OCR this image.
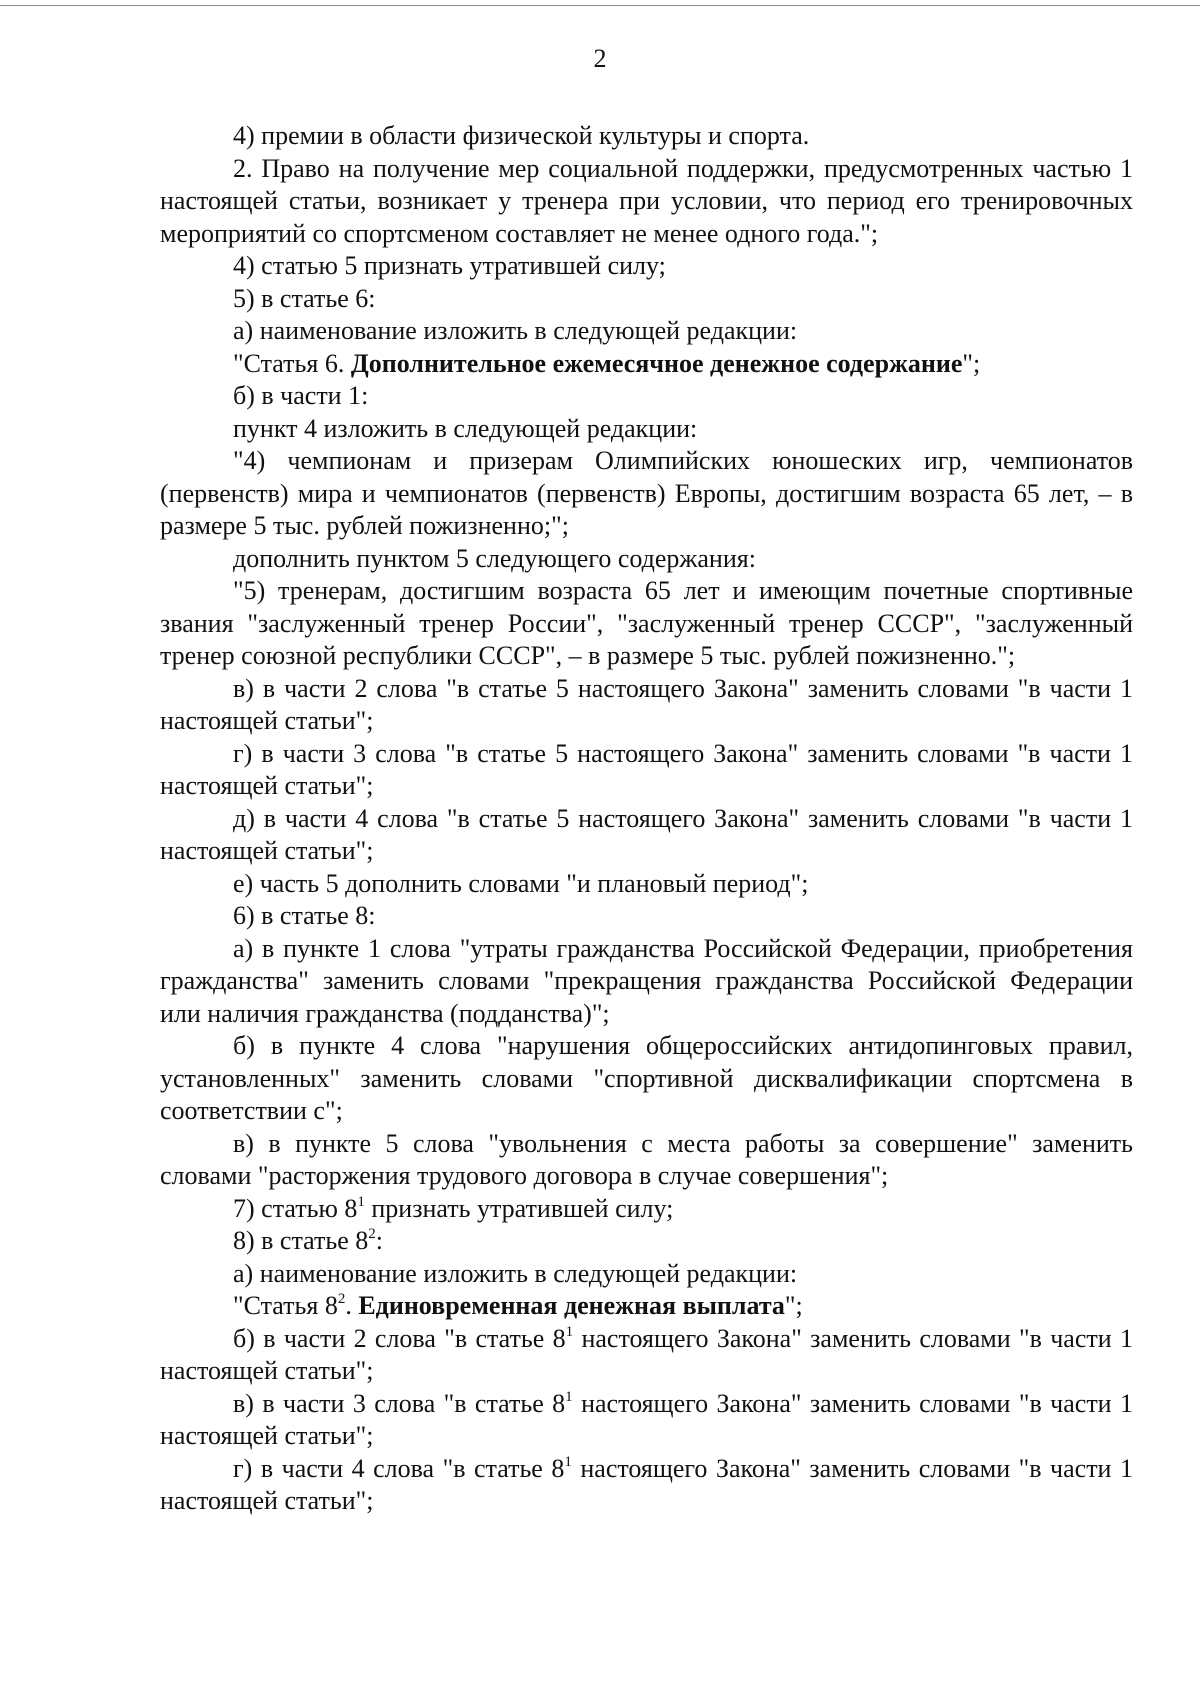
2

4) премии в области физической культуры и спорта.

2. Право на получение мер социальной поддержки, предусмотренных частью 1 настоящей статьи, возникает у тренера при условии, что период его тренировочных мероприятий со спортсменом составляет не менее одного года.";

4) статью 5 признать утратившей силу;

5) в статье 6:

а) наименование изложить в следующей редакции:

"Статья 6. Дополнительное ежемесячное денежное содержание";

б) в части 1:

пункт 4 изложить в следующей редакции:

"4) чемпионам и призерам Олимпийских юношеских игр, чемпионатов (первенств) мира и чемпионатов (первенств) Европы, достигшим возраста 65 лет, – в размере 5 тыс. рублей пожизненно;";

дополнить пунктом 5 следующего содержания:

"5) тренерам, достигшим возраста 65 лет и имеющим почетные спортивные звания "заслуженный тренер России", "заслуженный тренер СССР", "заслуженный тренер союзной республики СССР", – в размере 5 тыс. рублей пожизненно.";

в) в части 2 слова "в статье 5 настоящего Закона" заменить словами "в части 1 настоящей статьи";

г) в части 3 слова "в статье 5 настоящего Закона" заменить словами "в части 1 настоящей статьи";

д) в части 4 слова "в статье 5 настоящего Закона" заменить словами "в части 1 настоящей статьи";

е) часть 5 дополнить словами "и плановый период";

6) в статье 8:

а) в пункте 1 слова "утраты гражданства Российской Федерации, приобретения гражданства" заменить словами "прекращения гражданства Российской Федерации или наличия гражданства (подданства)";

б) в пункте 4 слова "нарушения общероссийских антидопинговых правил, установленных" заменить словами "спортивной дисквалификации спортсмена в соответствии с";

в) в пункте 5 слова "увольнения с места работы за совершение" заменить словами "расторжения трудового договора в случае совершения";

7) статью $8^1$ признать утратившей силу;

8) в статье $8^2$:

а) наименование изложить в следующей редакции:

"Статья $8^2$. Единовременная денежная выплата";

б) в части 2 слова "в статье $8^1$ настоящего Закона" заменить словами "в части 1 настоящей статьи";

в) в части 3 слова "в статье $8^1$ настоящего Закона" заменить словами "в части 1 настоящей статьи";

г) в части 4 слова "в статье $8^1$ настоящего Закона" заменить словами "в части 1 настоящей статьи";
